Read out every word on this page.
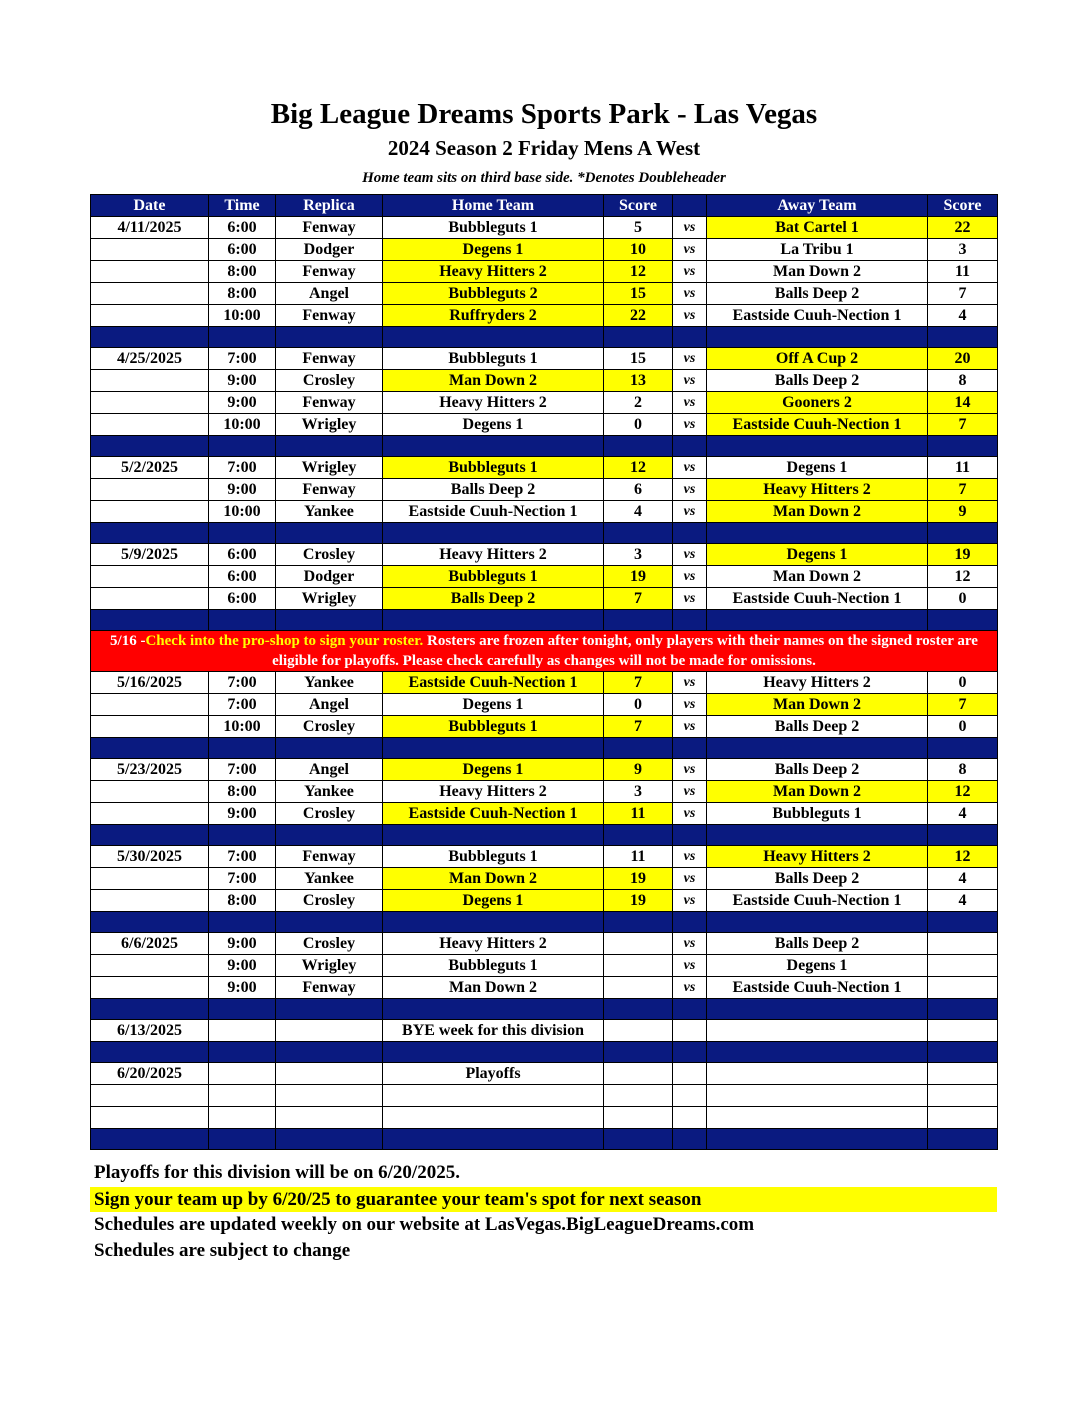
Big League Dreams Sports Park - Las Vegas
2024 Season 2 Friday Mens A West
Home team sits on third base side. *Denotes Doubleheader
Date	Time	Replica	Home Team	Score		Away Team	Score
4/11/2025	6:00	Fenway	Bubbleguts 1	5	vs	Bat Cartel 1	22
	6:00	Dodger	Degens 1	10	vs	La Tribu 1	3
	8:00	Fenway	Heavy Hitters 2	12	vs	Man Down 2	11
	8:00	Angel	Bubbleguts 2	15	vs	Balls Deep 2	7
	10:00	Fenway	Ruffryders 2	22	vs	Eastside Cuuh-Nection 1	4

4/25/2025	7:00	Fenway	Bubbleguts 1	15	vs	Off A Cup 2	20
	9:00	Crosley	Man Down 2	13	vs	Balls Deep 2	8
	9:00	Fenway	Heavy Hitters 2	2	vs	Gooners 2	14
	10:00	Wrigley	Degens 1	0	vs	Eastside Cuuh-Nection 1	7

5/2/2025	7:00	Wrigley	Bubbleguts 1	12	vs	Degens 1	11
	9:00	Fenway	Balls Deep 2	6	vs	Heavy Hitters 2	7
	10:00	Yankee	Eastside Cuuh-Nection 1	4	vs	Man Down 2	9

5/9/2025	6:00	Crosley	Heavy Hitters 2	3	vs	Degens 1	19
	6:00	Dodger	Bubbleguts 1	19	vs	Man Down 2	12
	6:00	Wrigley	Balls Deep 2	7	vs	Eastside Cuuh-Nection 1	0

5/16 -Check into the pro-shop to sign your roster. Rosters are frozen after tonight, only players with their names on the signed roster are eligible for playoffs. Please check carefully as changes will not be made for omissions.							
5/16/2025	7:00	Yankee	Eastside Cuuh-Nection 1	7	vs	Heavy Hitters 2	0
	7:00	Angel	Degens 1	0	vs	Man Down 2	7
	10:00	Crosley	Bubbleguts 1	7	vs	Balls Deep 2	0

5/23/2025	7:00	Angel	Degens 1	9	vs	Balls Deep 2	8
	8:00	Yankee	Heavy Hitters 2	3	vs	Man Down 2	12
	9:00	Crosley	Eastside Cuuh-Nection 1	11	vs	Bubbleguts 1	4

5/30/2025	7:00	Fenway	Bubbleguts 1	11	vs	Heavy Hitters 2	12
	7:00	Yankee	Man Down 2	19	vs	Balls Deep 2	4
	8:00	Crosley	Degens 1	19	vs	Eastside Cuuh-Nection 1	4

6/6/2025	9:00	Crosley	Heavy Hitters 2		vs	Balls Deep 2	
	9:00	Wrigley	Bubbleguts 1		vs	Degens 1	
	9:00	Fenway	Man Down 2		vs	Eastside Cuuh-Nection 1	

6/13/2025			BYE week for this division				

6/20/2025			Playoffs				

Playoffs for this division will be on 6/20/2025.
Sign your team up by 6/20/25 to guarantee your team's spot for next season
Schedules are updated weekly on our website at LasVegas.BigLeagueDreams.com
Schedules are subject to change
